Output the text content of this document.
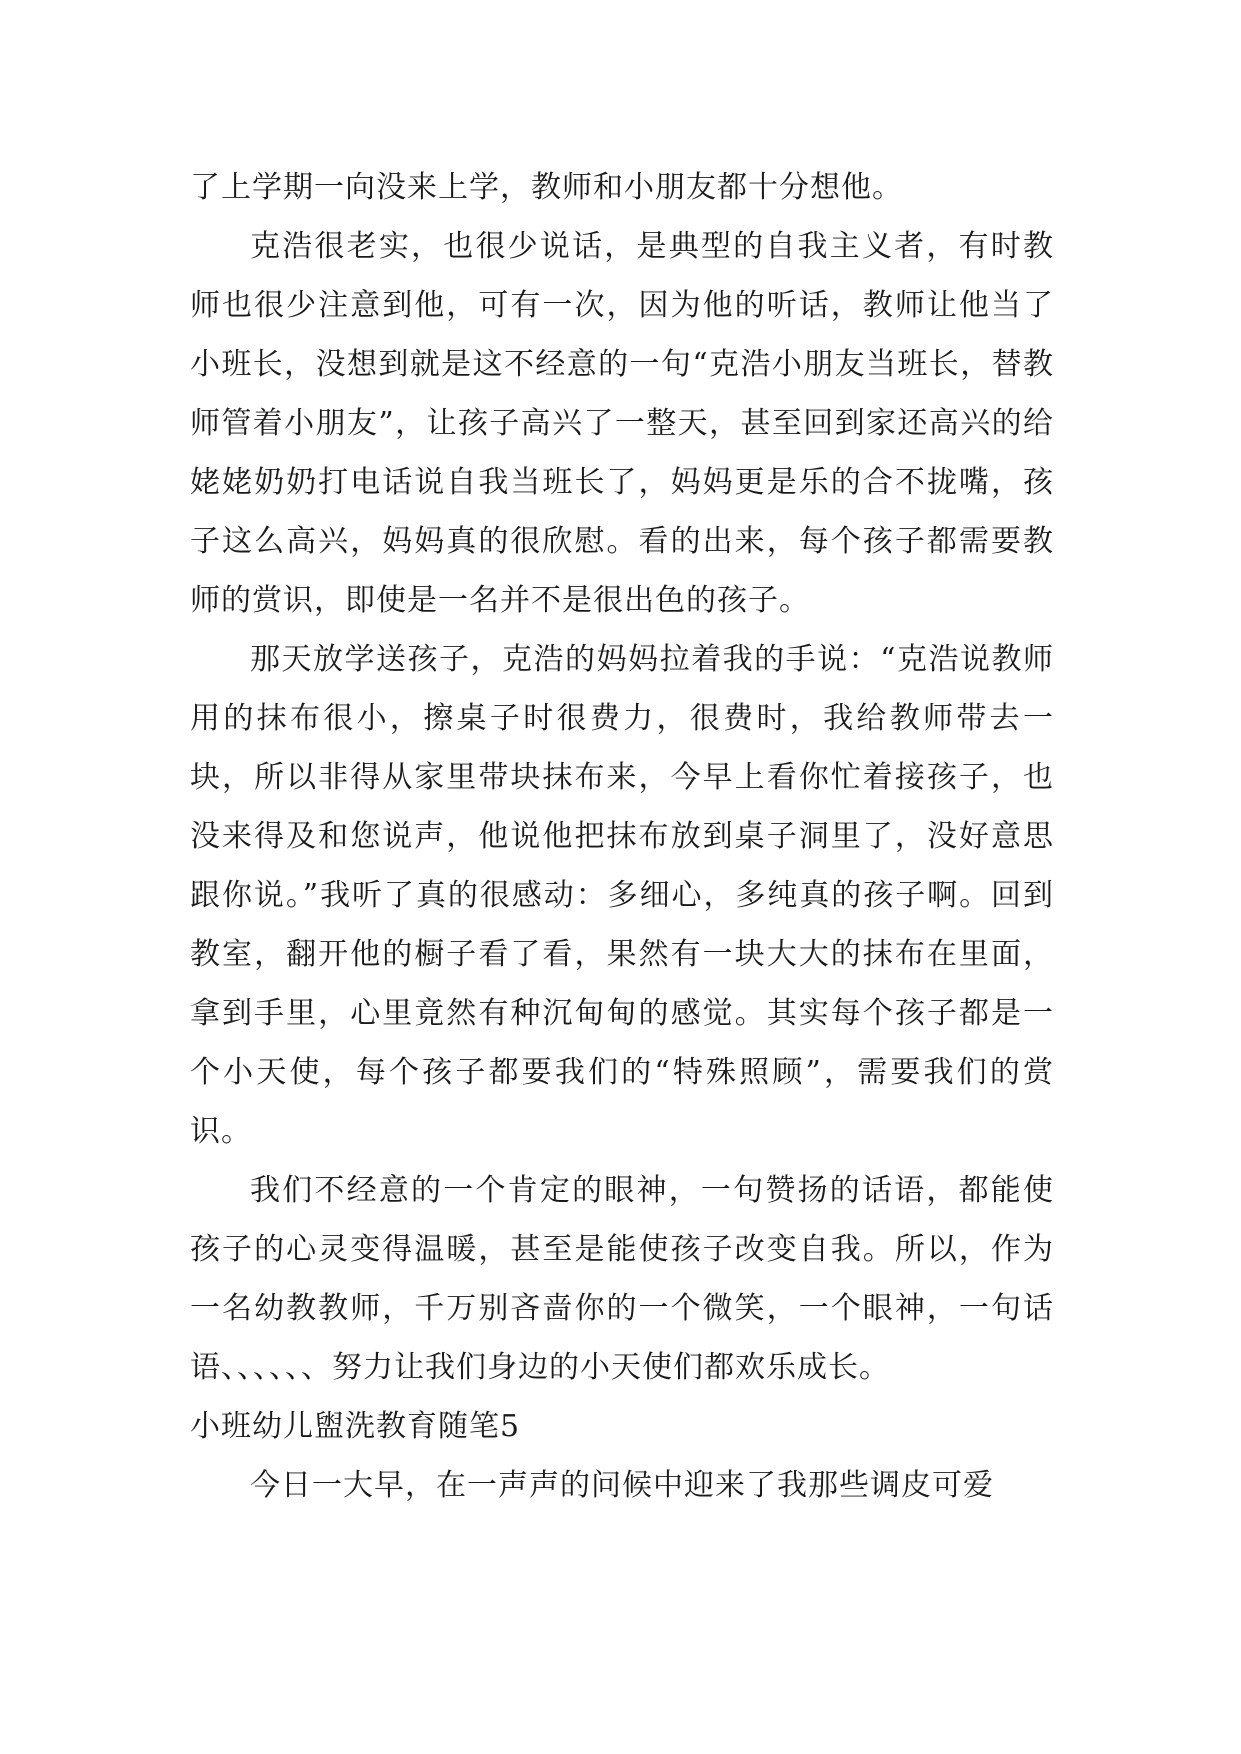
了上学期一向没来上学，教师和小朋友都十分想他。

克浩很老实，也很少说话，是典型的自我主义者，有时教师也很少注意到他，可有一次，因为他的听话，教师让他当了小班长，没想到就是这不经意的一句“克浩小朋友当班长，替教师管着小朋友”，让孩子高兴了一整天，甚至回到家还高兴的给姥姥奶奶打电话说自我当班长了，妈妈更是乐的合不拢嘴，孩子这么高兴，妈妈真的很欣慰。看的出来，每个孩子都需要教师的赏识，即使是一名并不是很出色的孩子。

那天放学送孩子，克浩的妈妈拉着我的手说：“克浩说教师用的抹布很小，擦桌子时很费力，很费时，我给教师带去一块，所以非得从家里带块抹布来，今早上看你忙着接孩子，也没来得及和您说声，他说他把抹布放到桌子洞里了，没好意思跟你说。”我听了真的很感动：多细心，多纯真的孩子啊。回到教室，翻开他的橱子看了看，果然有一块大大的抹布在里面，拿到手里，心里竟然有种沉甸甸的感觉。其实每个孩子都是一个小天使，每个孩子都要我们的“特殊照顾”，需要我们的赏识。

我们不经意的一个肯定的眼神，一句赞扬的话语，都能使孩子的心灵变得温暖，甚至是能使孩子改变自我。所以，作为一名幼教教师，千万别吝啬你的一个微笑，一个眼神，一句话语、、、、、、努力让我们身边的小天使们都欢乐成长。

小班幼儿盥洗教育随笔5

今日一大早，在一声声的问候中迎来了我那些调皮可爱
